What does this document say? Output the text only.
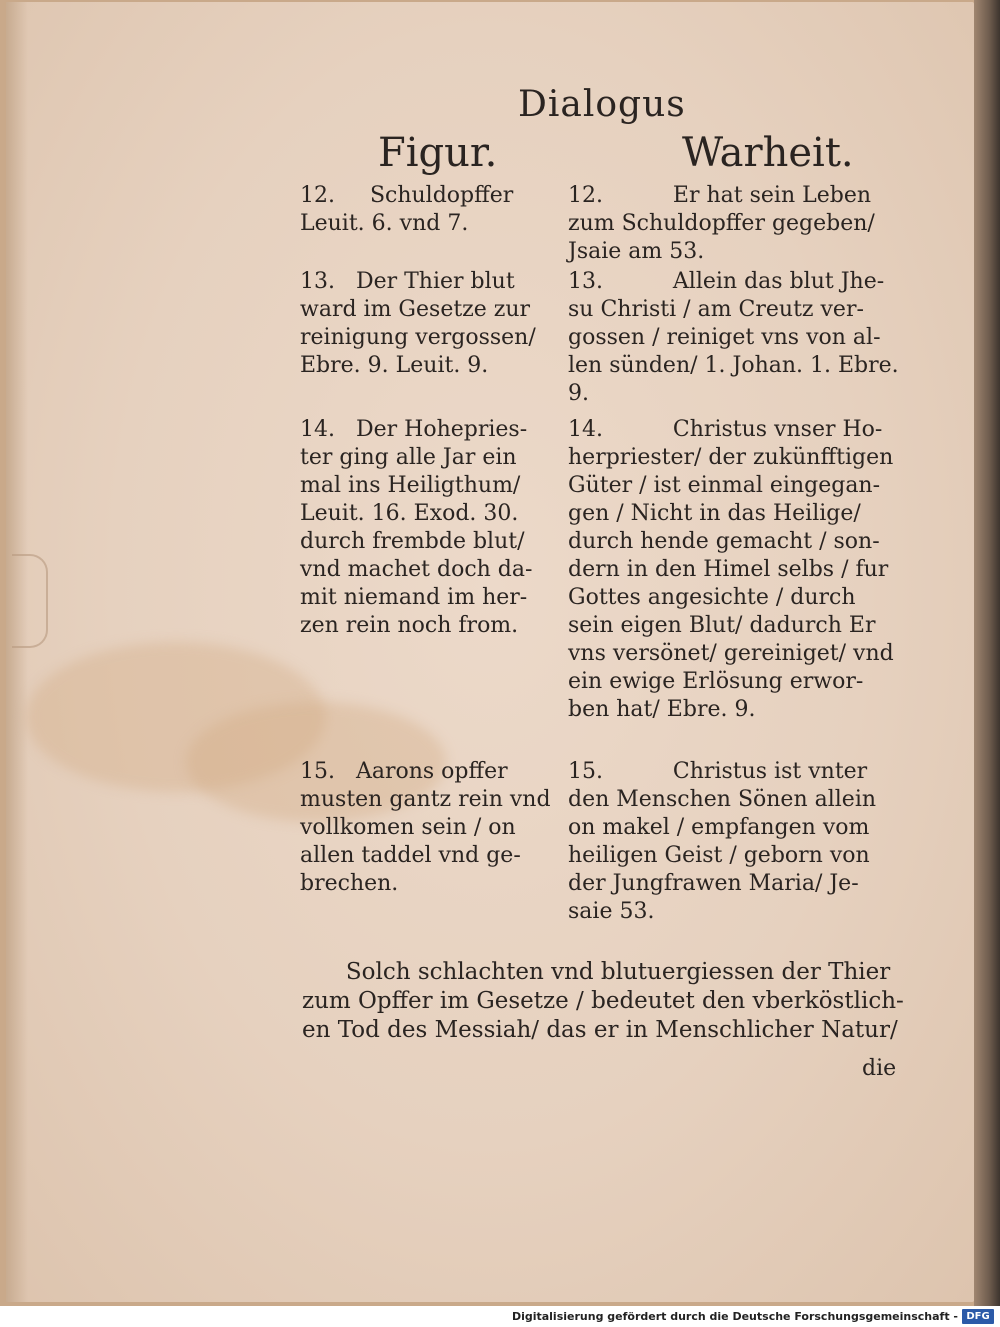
Dialogus
Figur.	Warheit.
12.     Schuldopffer
Leuit. 6. vnd 7.
12.          Er hat sein Leben
zum Schuldopffer gegeben/
Jsaie am 53.
13.   Der Thier blut
ward im Gesetze zur
reinigung vergossen/
Ebre. 9. Leuit. 9.
13.          Allein das blut Jhe-
su Christi / am Creutz ver-
gossen / reiniget vns von al-
len sünden/ 1. Johan. 1. Ebre.
9.
14.   Der Hohepries-
ter ging alle Jar ein
mal ins Heiligthum/
Leuit. 16. Exod. 30.
durch frembde blut/
vnd machet doch da-
mit niemand im her-
zen rein noch from.
14.          Christus vnser Ho-
herpriester/ der zukünfftigen
Güter / ist einmal eingegan-
gen / Nicht in das Heilige/
durch hende gemacht / son-
dern in den Himel selbs / fur
Gottes angesichte / durch
sein eigen Blut/ dadurch Er
vns versönet/ gereiniget/ vnd
ein ewige Erlösung erwor-
ben hat/ Ebre. 9.
15.   Aarons opffer
musten gantz rein vnd
vollkomen sein / on
allen taddel vnd ge-
brechen.
15.          Christus ist vnter
den Menschen Sönen allein
on makel / empfangen vom
heiligen Geist / geborn von
der Jungfrawen Maria/ Je-
saie 53.
Solch schlachten vnd blutuergiessen der Thier
zum Opffer im Gesetze / bedeutet den vberköstlich-
en Tod des Messiah/ das er in Menschlicher Natur/
die
Digitalisierung gefördert durch die Deutsche Forschungsgemeinschaft - DFG
